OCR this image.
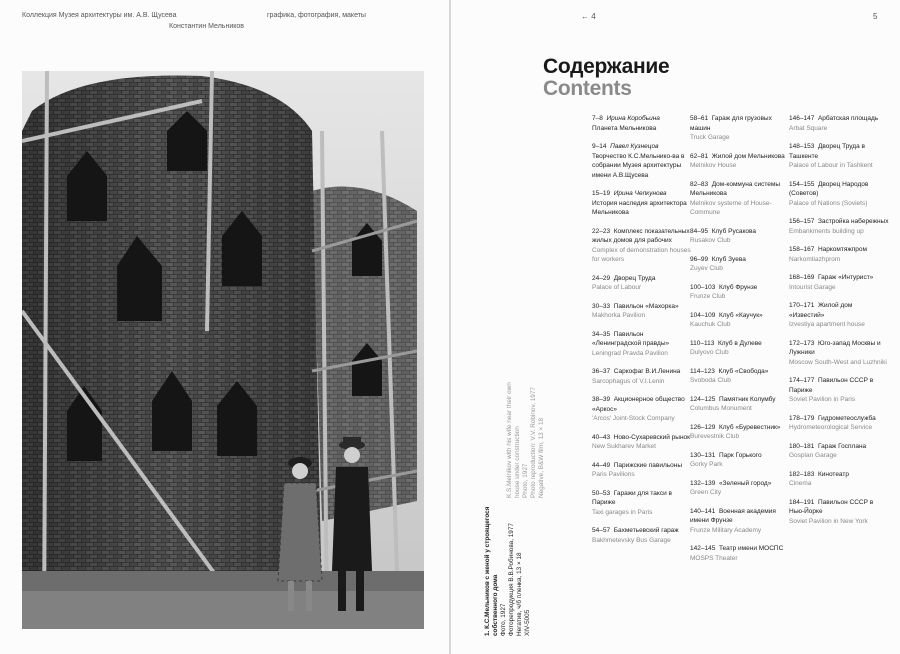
Коллекция Музея архитектуры им. А.В. Щусева	графика, фотография, макеты
Константин Мельников
← 4	5
1. К.С.Мельников с женой у строящегося собственного дома Фото, 1927 Фоторепродукция В.В.Робинова, 1977 Негатив, ч/б пленка, 13 × 18 ХIV-5005
K.S.Melnikov with his wife near their own house under construction Photo, 1927 Photo reproduction: V.V. Robinov, 1977 Negative, B&W film, 13 × 18
Содержание
Contents
7–8 Ирина Коробьина
Планета Мельникова
9–14 Павел Кузнецов
Творчество К.С.Мельнико-ва в собрании Музея архитектуры имени А.В.Щусева
15–19 Ирина Чепкунова
История наследия архитектора Мельникова
22–23 Комплекс показательных жилых домов для рабочих
Complex of demonstration houses for workers
24–29 Дворец Труда
Palace of Labour
30–33 Павильон «Махорка»
Makhorka Pavilion
34–35 Павильон «Ленинградской правды»
Leningrad Pravda Pavilion
36–37 Саркофаг В.И.Ленина
Sarcophagus of V.I.Lenin
38–39 Акционерное общество «Аркос»
'Arcos' Joint-Stock Company
40–43 Ново-Сухаревский рынок
New Sukharev Market
44–49 Парижские павильоны
Paris Pavilions
50–53 Гаражи для такси в Париже
Taxi garages in Paris
54–57 Бахметьевский гараж
Bakhmetevsky Bus Garage
58–61 Гараж для грузовых машин
Truck Garage
62–81 Жилой дом Мельникова
Melnikov House
82–83 Дом-коммуна системы Мельникова
Melnikov systeme of House-Commune
84–95 Клуб Русакова
Rusakov Club
96–99 Клуб Зуева
Zuyev Club
100–103 Клуб Фрунзе
Frunze Club
104–109 Клуб «Каучук»
Kauchuk Club
110–113 Клуб в Дулеве
Dulyovo Club
114–123 Клуб «Свобода»
Svoboda Club
124–125 Памятник Колумбу
Columbus Monument
126–129 Клуб «Буревестник»
Burevestnik Club
130–131 Парк Горького
Gorky Park
132–139 «Зеленый город»
Green City
140–141 Военная академия имени Фрунзе
Frunze Military Academy
142–145 Театр имени МОСПС
MOSPS Theater
146–147 Арбатская площадь
Arbat Square
148–153 Дворец Труда в Ташкенте
Palace of Labour in Tashkent
154–155 Дворец Народов (Советов)
Palace of Nations (Soviets)
156–157 Застройка набережных
Embankments building up
158–167 Наркомтяжпром
Narkomtiazhprom
168–169 Гараж «Интурист»
Intourist Garage
170–171 Жилой дом «Известий»
Izvestiya apartment house
172–173 Юго-запад Москвы и Лужники
Moscow South-West and Luzhniki
174–177 Павильон СССР в Париже
Soviet Pavilion in Paris
178–179 Гидрометеослужба
Hydrometeorological Service
180–181 Гараж Госплана
Gosplan Garage
182–183 Кинотеатр
Cinema
184–191 Павильон СССР в Нью-Йорке
Soviet Pavilion in New York
